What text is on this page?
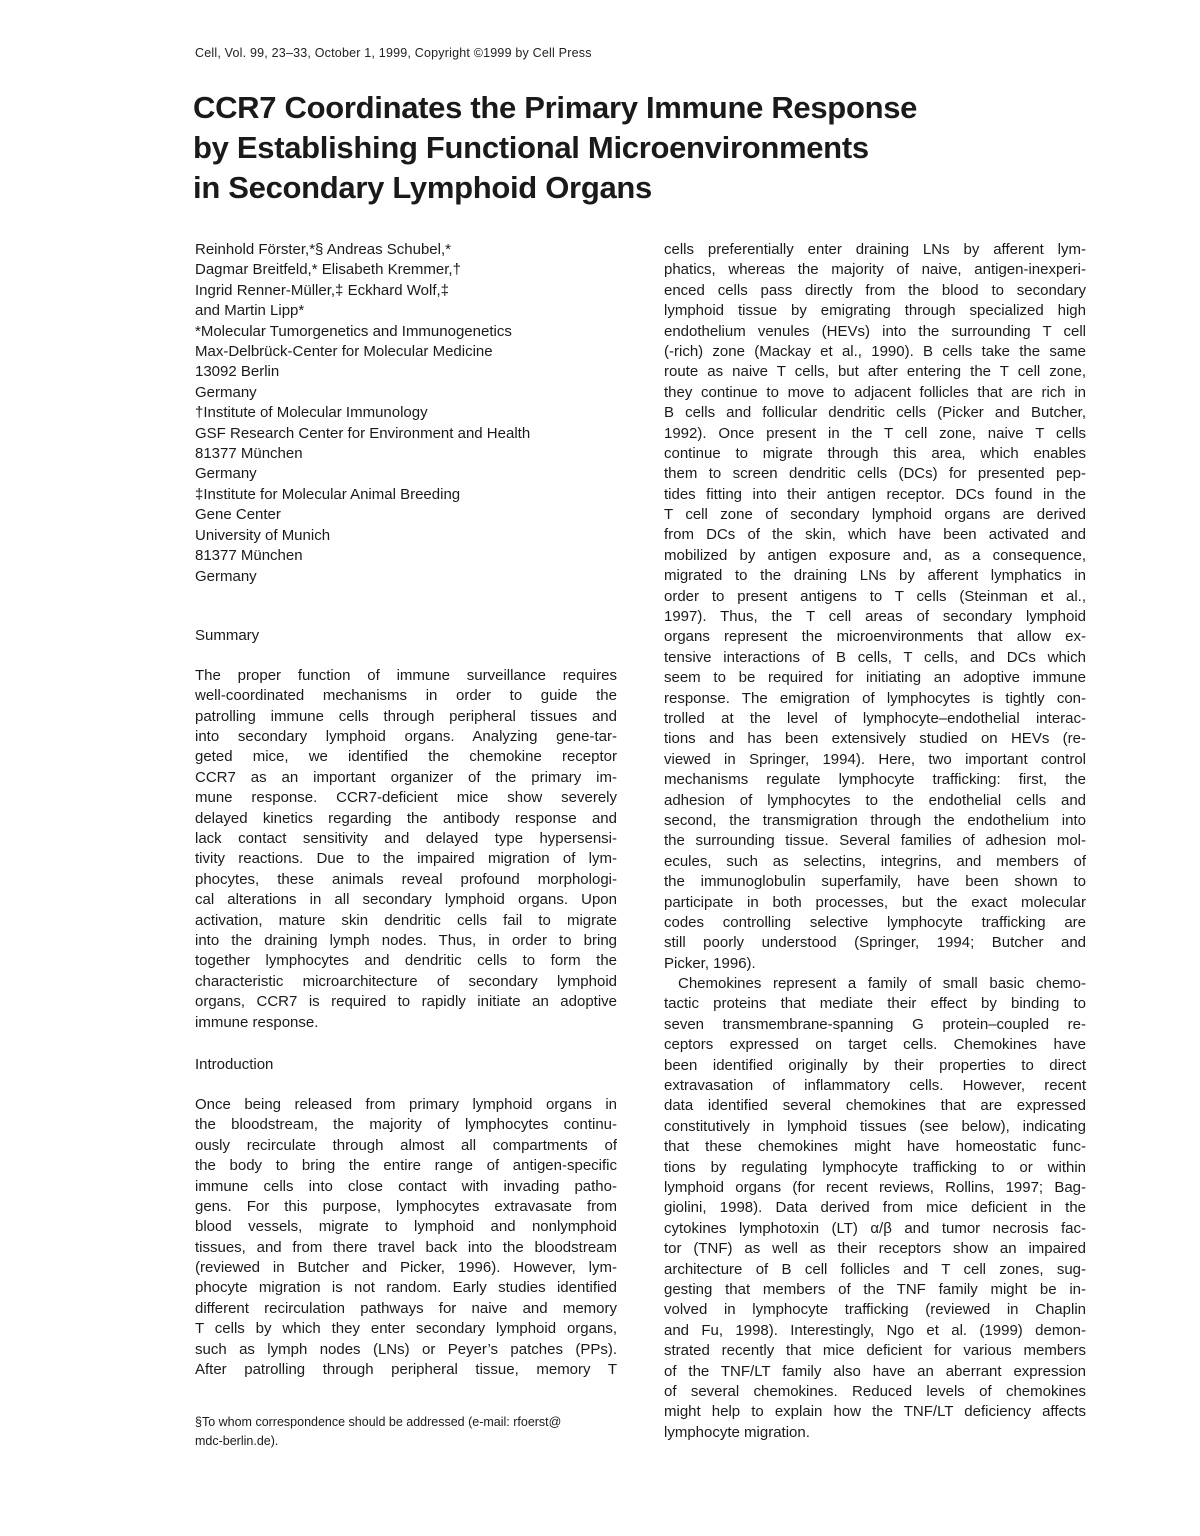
Cell, Vol. 99, 23–33, October 1, 1999, Copyright ©1999 by Cell Press
CCR7 Coordinates the Primary Immune Response
by Establishing Functional Microenvironments
in Secondary Lymphoid Organs
Reinhold Förster,*§ Andreas Schubel,*
Dagmar Breitfeld,* Elisabeth Kremmer,†
Ingrid Renner-Müller,‡ Eckhard Wolf,‡
and Martin Lipp*
*Molecular Tumorgenetics and Immunogenetics
Max-Delbrück-Center for Molecular Medicine
13092 Berlin
Germany
†Institute of Molecular Immunology
GSF Research Center for Environment and Health
81377 München
Germany
‡Institute for Molecular Animal Breeding
Gene Center
University of Munich
81377 München
Germany
Summary
The proper function of immune surveillance requires
well-coordinated mechanisms in order to guide the
patrolling immune cells through peripheral tissues and
into secondary lymphoid organs. Analyzing gene-tar-
geted mice, we identified the chemokine receptor
CCR7 as an important organizer of the primary im-
mune response. CCR7-deficient mice show severely
delayed kinetics regarding the antibody response and
lack contact sensitivity and delayed type hypersensi-
tivity reactions. Due to the impaired migration of lym-
phocytes, these animals reveal profound morphologi-
cal alterations in all secondary lymphoid organs. Upon
activation, mature skin dendritic cells fail to migrate
into the draining lymph nodes. Thus, in order to bring
together lymphocytes and dendritic cells to form the
characteristic microarchitecture of secondary lymphoid
organs, CCR7 is required to rapidly initiate an adoptive
immune response.
Introduction
Once being released from primary lymphoid organs in
the bloodstream, the majority of lymphocytes continu-
ously recirculate through almost all compartments of
the body to bring the entire range of antigen-specific
immune cells into close contact with invading patho-
gens. For this purpose, lymphocytes extravasate from
blood vessels, migrate to lymphoid and nonlymphoid
tissues, and from there travel back into the bloodstream
(reviewed in Butcher and Picker, 1996). However, lym-
phocyte migration is not random. Early studies identified
different recirculation pathways for naive and memory
T cells by which they enter secondary lymphoid organs,
such as lymph nodes (LNs) or Peyer’s patches (PPs).
After patrolling through peripheral tissue, memory T
§To whom correspondence should be addressed (e-mail: rfoerst@
mdc-berlin.de).
cells preferentially enter draining LNs by afferent lym-
phatics, whereas the majority of naive, antigen-inexperi-
enced cells pass directly from the blood to secondary
lymphoid tissue by emigrating through specialized high
endothelium venules (HEVs) into the surrounding T cell
(-rich) zone (Mackay et al., 1990). B cells take the same
route as naive T cells, but after entering the T cell zone,
they continue to move to adjacent follicles that are rich in
B cells and follicular dendritic cells (Picker and Butcher,
1992). Once present in the T cell zone, naive T cells
continue to migrate through this area, which enables
them to screen dendritic cells (DCs) for presented pep-
tides fitting into their antigen receptor. DCs found in the
T cell zone of secondary lymphoid organs are derived
from DCs of the skin, which have been activated and
mobilized by antigen exposure and, as a consequence,
migrated to the draining LNs by afferent lymphatics in
order to present antigens to T cells (Steinman et al.,
1997). Thus, the T cell areas of secondary lymphoid
organs represent the microenvironments that allow ex-
tensive interactions of B cells, T cells, and DCs which
seem to be required for initiating an adoptive immune
response. The emigration of lymphocytes is tightly con-
trolled at the level of lymphocyte–endothelial interac-
tions and has been extensively studied on HEVs (re-
viewed in Springer, 1994). Here, two important control
mechanisms regulate lymphocyte trafficking: first, the
adhesion of lymphocytes to the endothelial cells and
second, the transmigration through the endothelium into
the surrounding tissue. Several families of adhesion mol-
ecules, such as selectins, integrins, and members of
the immunoglobulin superfamily, have been shown to
participate in both processes, but the exact molecular
codes controlling selective lymphocyte trafficking are
still poorly understood (Springer, 1994; Butcher and
Picker, 1996).
Chemokines represent a family of small basic chemo-
tactic proteins that mediate their effect by binding to
seven transmembrane-spanning G protein–coupled re-
ceptors expressed on target cells. Chemokines have
been identified originally by their properties to direct
extravasation of inflammatory cells. However, recent
data identified several chemokines that are expressed
constitutively in lymphoid tissues (see below), indicating
that these chemokines might have homeostatic func-
tions by regulating lymphocyte trafficking to or within
lymphoid organs (for recent reviews, Rollins, 1997; Bag-
giolini, 1998). Data derived from mice deficient in the
cytokines lymphotoxin (LT) α/β and tumor necrosis fac-
tor (TNF) as well as their receptors show an impaired
architecture of B cell follicles and T cell zones, sug-
gesting that members of the TNF family might be in-
volved in lymphocyte trafficking (reviewed in Chaplin
and Fu, 1998). Interestingly, Ngo et al. (1999) demon-
strated recently that mice deficient for various members
of the TNF/LT family also have an aberrant expression
of several chemokines. Reduced levels of chemokines
might help to explain how the TNF/LT deficiency affects
lymphocyte migration.
